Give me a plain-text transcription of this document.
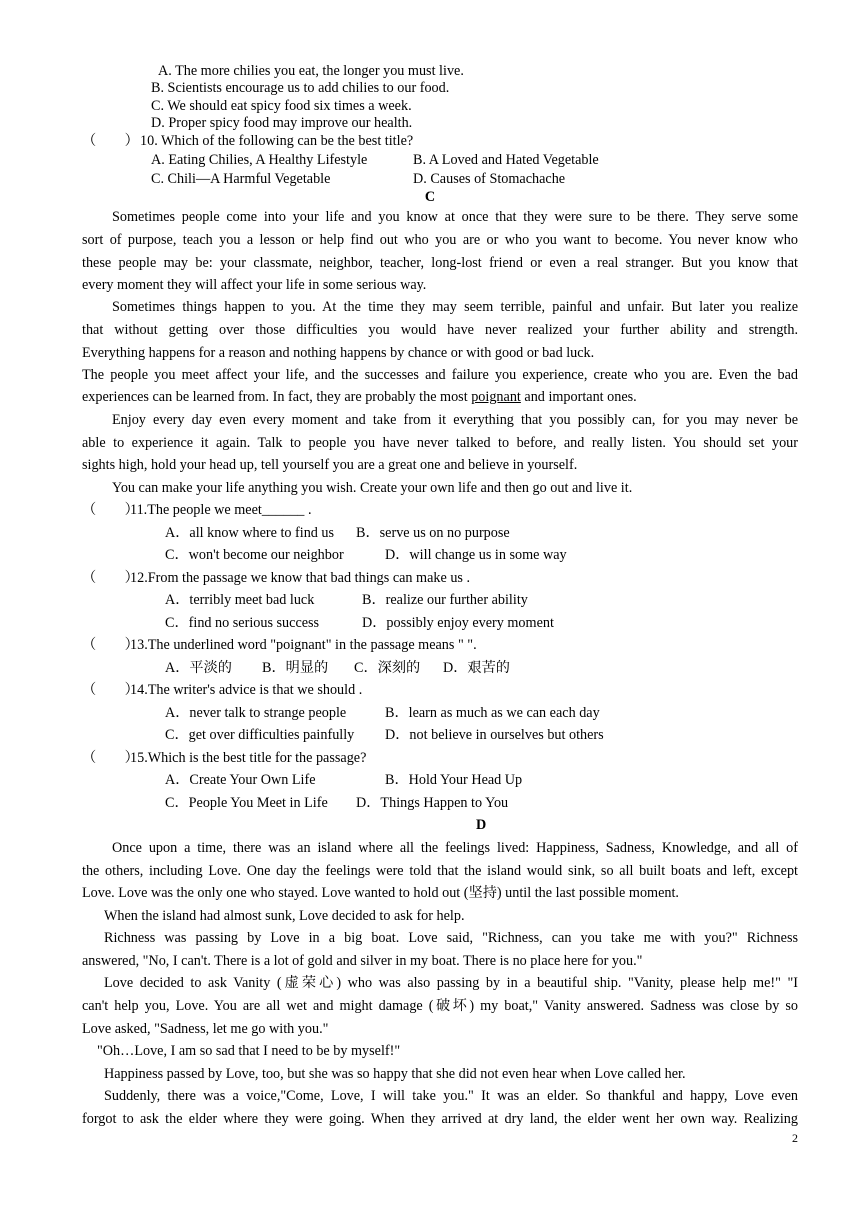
A. The more chilies you eat, the longer you must live.
B. Scientists encourage us to add chilies to our food.
C. We should eat spicy food six times a week.
D. Proper spicy food may improve our health.
（　　） 10. Which of the following can be the best title?
A. Eating Chilies, A Healthy Lifestyle	B. A Loved and Hated Vegetable
C. Chili—A Harmful Vegetable	D. Causes of Stomachache
C
Sometimes people come into your life and you know at once that they were sure to be there. They serve some
sort of purpose, teach you a lesson or help find out who you are or who you want to become. You never know who
these people may be: your classmate, neighbor, teacher, long-lost friend or even a real stranger. But you know that
every moment they will affect your life in some serious way.
Sometimes things happen to you. At the time they may seem terrible, painful and unfair. But later you realize
that without getting over those difficulties you would have never realized your further ability and strength.
Everything happens for a reason and nothing happens by chance or with good or bad luck.
The people you meet affect your life, and the successes and failure you experience, create who you are. Even the bad
experiences can be learned from. In fact, they are probably the most poignant and important ones.
Enjoy every day even every moment and take from it everything that you possibly can, for you may never be
able to experience it again. Talk to people you have never talked to before, and really listen. You should set your
sights high, hold your head up, tell yourself you are a great one and believe in yourself.
You can make your life anything you wish. Create your own life and then go out and live it.
（　　）
11.The people we meet______ .
A．all know where to find us B．serve us on no purpose
C．won't become our neighbor	D．will change us in some way
（　　）
12.From the passage we know that bad things can make us .
A．terribly meet bad luck	B．realize our further ability
C．find no serious success	D．possibly enjoy every moment
（　　）
13.The underlined word "poignant" in the passage means " ".
A．平淡的 B．明显的 C．深刻的 D．艰苦的
（　　）
14.The writer's advice is that we should .
A．never talk to strange people	B．learn as much as we can each day
C．get over difficulties painfully D．not believe in ourselves but others
（　　）
15.Which is the best title for the passage?
A．Create Your Own Life	B．Hold Your Head Up
C．People You Meet in Life D．Things Happen to You
D
Once upon a time, there was an island where all the feelings lived: Happiness, Sadness, Knowledge, and all of
the others, including Love. One day the feelings were told that the island would sink, so all built boats and left, except
Love. Love was the only one who stayed. Love wanted to hold out (坚持) until the last possible moment.
When the island had almost sunk, Love decided to ask for help.
Richness was passing by Love in a big boat. Love said, "Richness, can you take me with you?" Richness
answered, "No, I can't. There is a lot of gold and silver in my boat. There is no place here for you."
Love decided to ask Vanity (虚荣心) who was also passing by in a beautiful ship. "Vanity, please help me!" "I
can't help you, Love. You are all wet and might damage (破坏) my boat," Vanity answered. Sadness was close by so
Love asked, "Sadness, let me go with you."
"Oh…Love, I am so sad that I need to be by myself!"
Happiness passed by Love, too, but she was so happy that she did not even hear when Love called her.
Suddenly, there was a voice,"Come, Love, I will take you." It was an elder. So thankful and happy, Love even
forgot to ask the elder where they were going. When they arrived at dry land, the elder went her own way. Realizing
2
